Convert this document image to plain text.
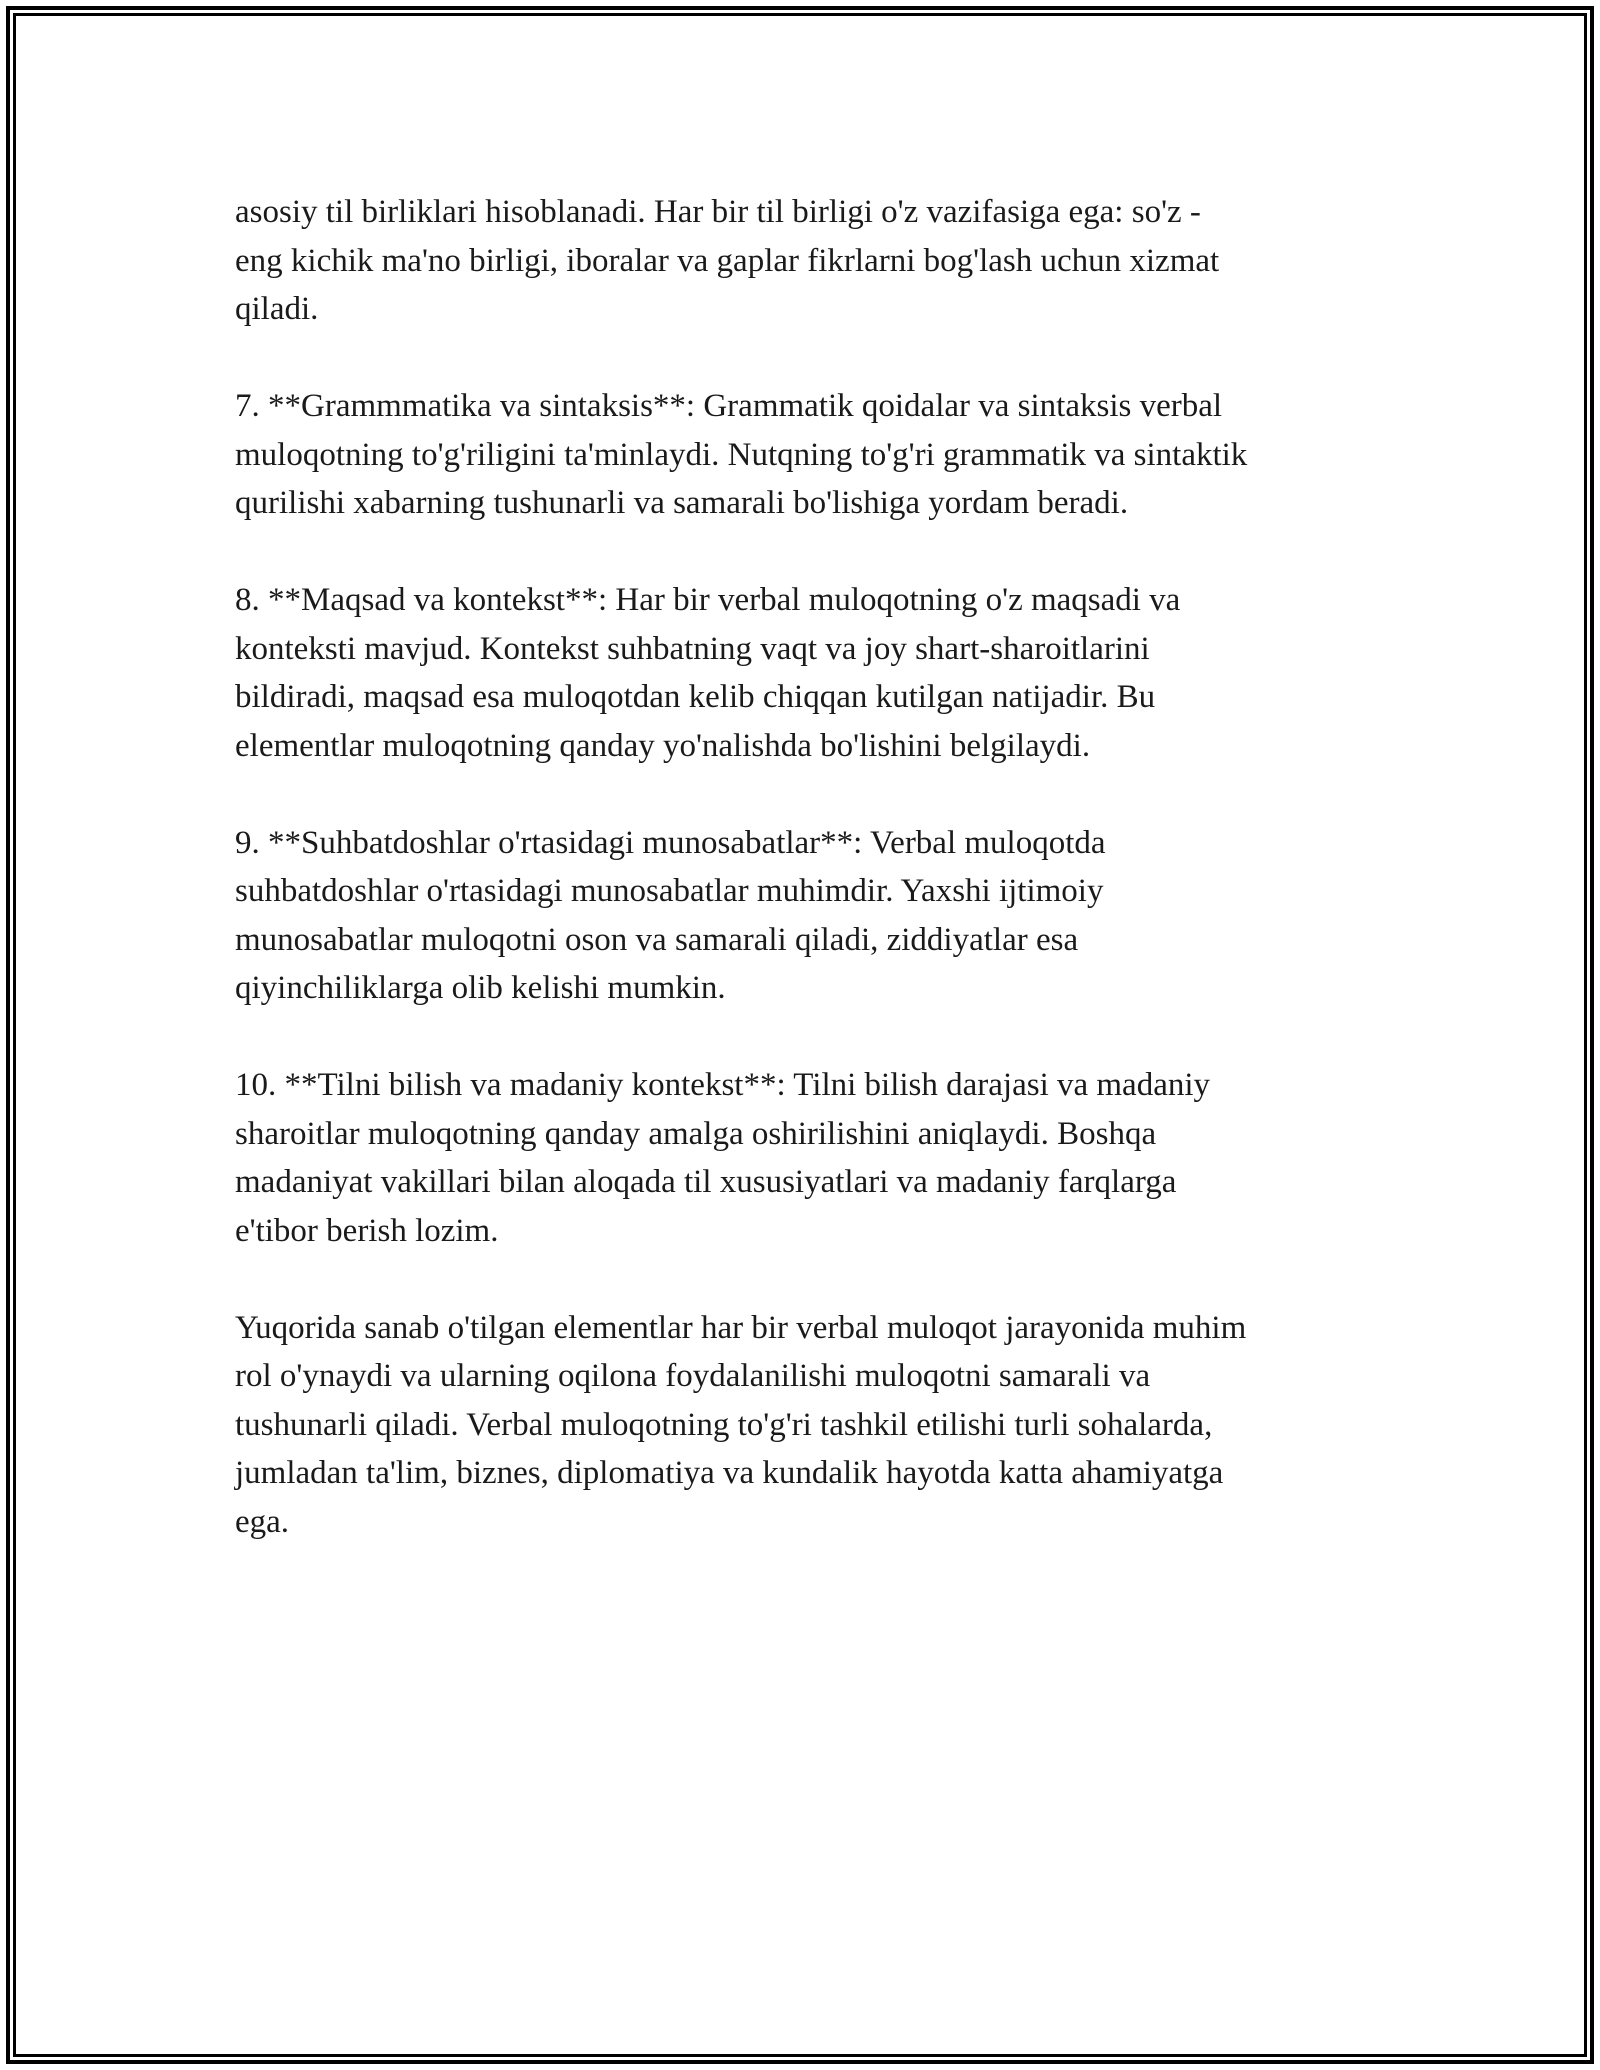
asosiy til birliklari hisoblanadi. Har bir til birligi o'z vazifasiga ega: so'z -
eng kichik ma'no birligi, iboralar va gaplar fikrlarni bog'lash uchun xizmat
qiladi.

7. **Grammmatika va sintaksis**: Grammatik qoidalar va sintaksis verbal
muloqotning to'g'riligini ta'minlaydi. Nutqning to'g'ri grammatik va sintaktik
qurilishi xabarning tushunarli va samarali bo'lishiga yordam beradi.

8. **Maqsad va kontekst**: Har bir verbal muloqotning o'z maqsadi va
konteksti mavjud. Kontekst suhbatning vaqt va joy shart-sharoitlarini
bildiradi, maqsad esa muloqotdan kelib chiqqan kutilgan natijadir. Bu
elementlar muloqotning qanday yo'nalishda bo'lishini belgilaydi.

9. **Suhbatdoshlar o'rtasidagi munosabatlar**: Verbal muloqotda
suhbatdoshlar o'rtasidagi munosabatlar muhimdir. Yaxshi ijtimoiy
munosabatlar muloqotni oson va samarali qiladi, ziddiyatlar esa
qiyinchiliklarga olib kelishi mumkin.

10. **Tilni bilish va madaniy kontekst**: Tilni bilish darajasi va madaniy
sharoitlar muloqotning qanday amalga oshirilishini aniqlaydi. Boshqa
madaniyat vakillari bilan aloqada til xususiyatlari va madaniy farqlarga
e'tibor berish lozim.

Yuqorida sanab o'tilgan elementlar har bir verbal muloqot jarayonida muhim
rol o'ynaydi va ularning oqilona foydalanilishi muloqotni samarali va
tushunarli qiladi. Verbal muloqotning to'g'ri tashkil etilishi turli sohalarda,
jumladan ta'lim, biznes, diplomatiya va kundalik hayotda katta ahamiyatga
ega.
